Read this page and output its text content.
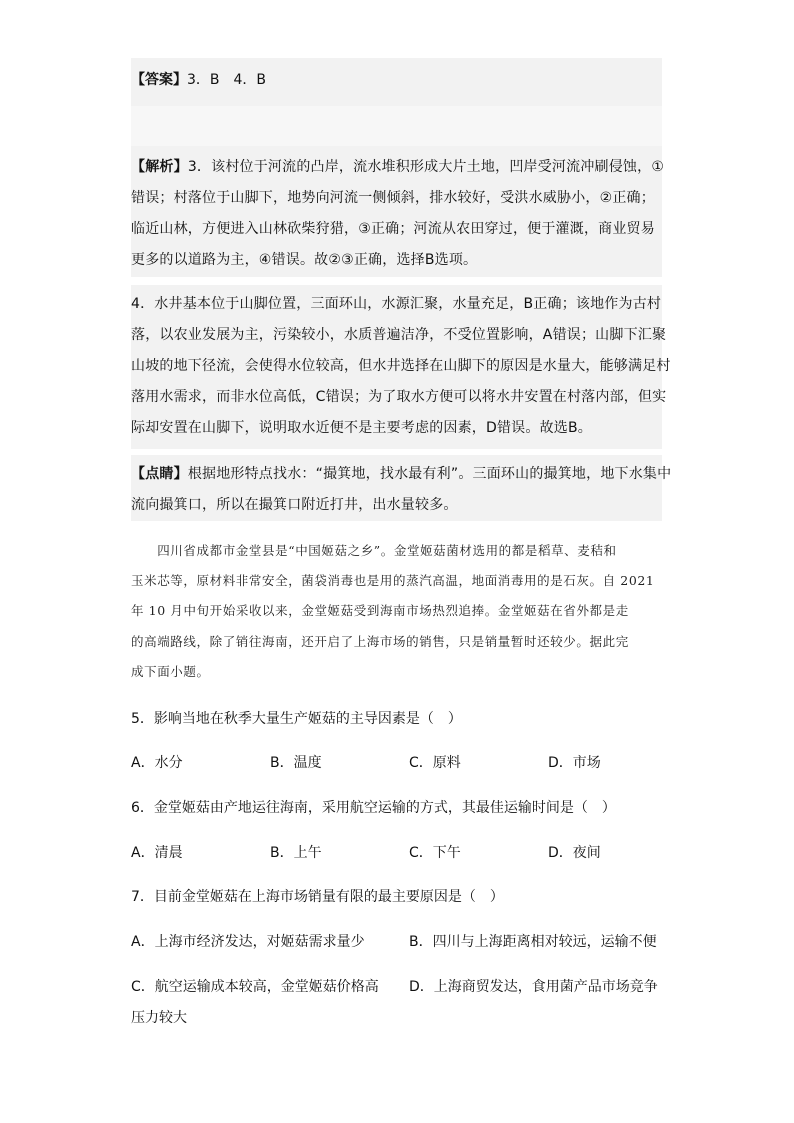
【答案】3．B　4．B
【解析】3．该村位于河流的凸岸，流水堆积形成大片土地，凹岸受河流冲刷侵蚀，①
错误；村落位于山脚下，地势向河流一侧倾斜，排水较好，受洪水威胁小，②正确；
临近山林，方便进入山林砍柴狩猎，③正确；河流从农田穿过，便于灌溉，商业贸易
更多的以道路为主，④错误。故②③正确，选择B选项。
4．水井基本位于山脚位置，三面环山，水源汇聚，水量充足，B正确；该地作为古村
落，以农业发展为主，污染较小，水质普遍洁净，不受位置影响，A错误；山脚下汇聚
山坡的地下径流，会使得水位较高，但水井选择在山脚下的原因是水量大，能够满足村
落用水需求，而非水位高低，C错误；为了取水方便可以将水井安置在村落内部，但实
际却安置在山脚下，说明取水近便不是主要考虑的因素，D错误。故选B。
【点睛】根据地形特点找水：“撮箕地，找水最有利”。三面环山的撮箕地，地下水集中
流向撮箕口，所以在撮箕口附近打井，出水量较多。
　　四川省成都市金堂县是“中国姬菇之乡”。金堂姬菇菌材选用的都是稻草、麦秸和
玉米芯等，原材料非常安全，菌袋消毒也是用的蒸汽高温，地面消毒用的是石灰。自 2021
年 10 月中旬开始采收以来，金堂姬菇受到海南市场热烈追捧。金堂姬菇在省外都是走
的高端路线，除了销往海南，还开启了上海市场的销售，只是销量暂时还较少。据此完
成下面小题。
5．影响当地在秋季大量生产姬菇的主导因素是（　）
A．水分	B．温度	C．原料	D．市场
6．金堂姬菇由产地运往海南，采用航空运输的方式，其最佳运输时间是（　）
A．清晨	B．上午	C．下午	D．夜间
7．目前金堂姬菇在上海市场销量有限的最主要原因是（　）
A．上海市经济发达，对姬菇需求量少	B．四川与上海距离相对较远，运输不便
C．航空运输成本较高，金堂姬菇价格高 D．上海商贸发达，食用菌产品市场竞争
压力较大
